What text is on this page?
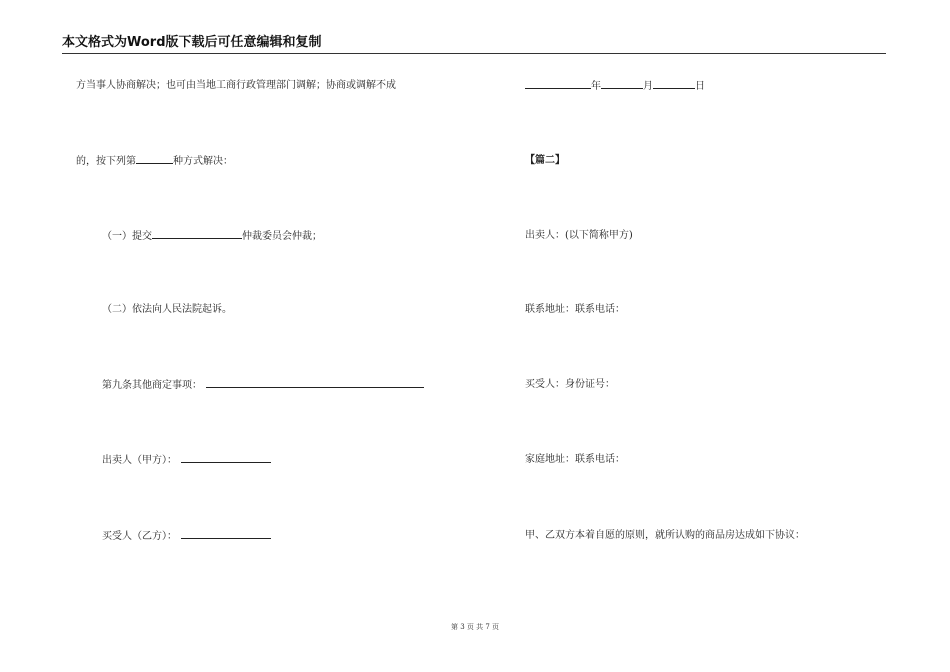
本文格式为Word版下载后可任意编辑和复制
方当事人协商解决；也可由当地工商行政管理部门调解；协商或调解不成
的，按下列第	种方式解决：
（一）提交	仲裁委员会仲裁；
（二）依法向人民法院起诉。
第九条其他商定事项：
出卖人（甲方）：
买受人（乙方）：
年	月	日
【篇二】
出卖人：(以下简称甲方)
联系地址：联系电话：
买受人：身份证号：
家庭地址：联系电话：
甲、乙双方本着自愿的原则，就所认购的商品房达成如下协议：
第 3 页 共 7 页
